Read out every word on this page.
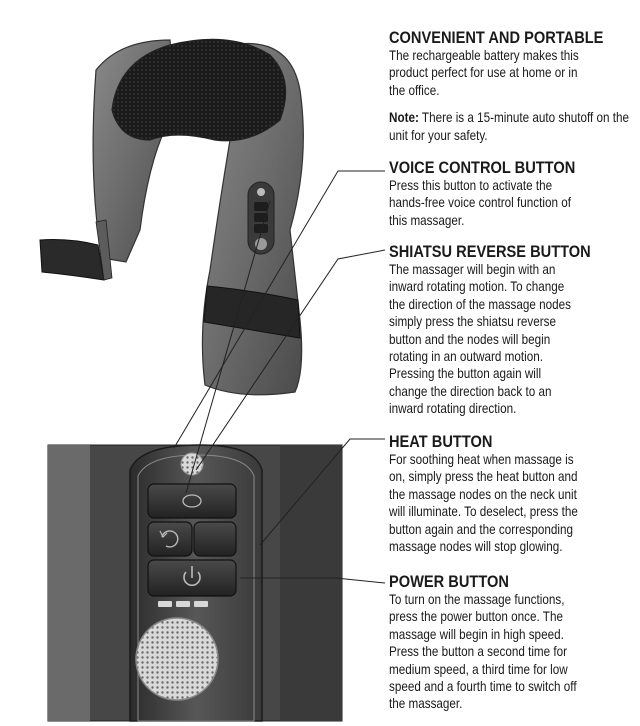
CONVENIENT AND PORTABLE
The rechargeable battery makes this
product perfect for use at home or in
the office.
Note: There is a 15-minute auto shutoff on the unit for your safety.
VOICE CONTROL BUTTON
Press this button to activate the
hands-free voice control function of
this massager.
SHIATSU REVERSE BUTTON
The massager will begin with an
inward rotating motion. To change
the direction of the massage nodes
simply press the shiatsu reverse
button and the nodes will begin
rotating in an outward motion.
Pressing the button again will
change the direction back to an
inward rotating direction.
HEAT BUTTON
For soothing heat when massage is
on, simply press the heat button and
the massage nodes on the neck unit
will illuminate. To deselect, press the
button again and the corresponding
massage nodes will stop glowing.
POWER BUTTON
To turn on the massage functions,
press the power button once. The
massage will begin in high speed.
Press the button a second time for
medium speed, a third time for low
speed and a fourth time to switch off
the massager.
